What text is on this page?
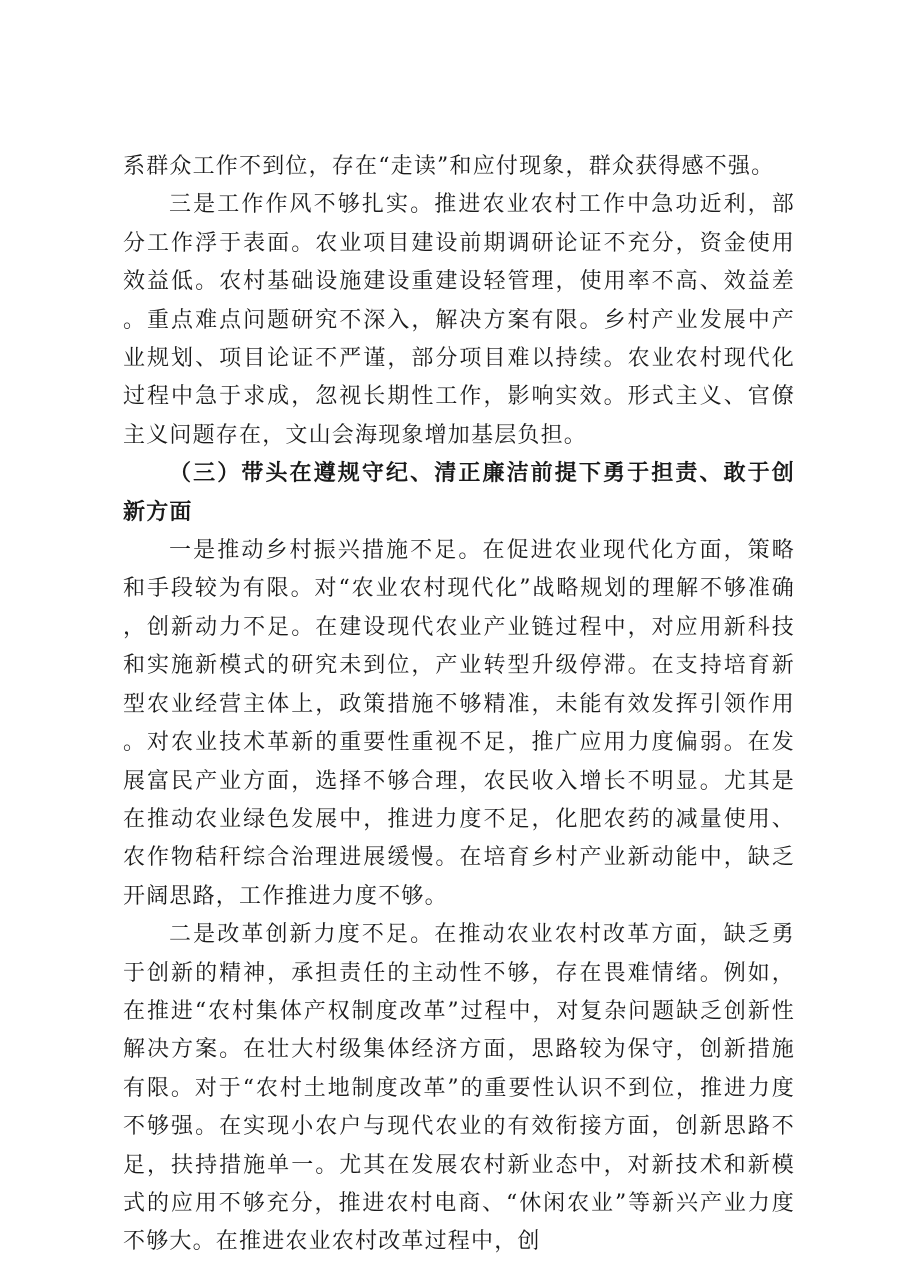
系群众工作不到位，存在“走读”和应付现象，群众获得感不强。

三是工作作风不够扎实。推进农业农村工作中急功近利，部分工作浮于表面。农业项目建设前期调研论证不充分，资金使用效益低。农村基础设施建设重建设轻管理，使用率不高、效益差。重点难点问题研究不深入，解决方案有限。乡村产业发展中产业规划、项目论证不严谨，部分项目难以持续。农业农村现代化过程中急于求成，忽视长期性工作，影响实效。形式主义、官僚主义问题存在，文山会海现象增加基层负担。

（三）带头在遵规守纪、清正廉洁前提下勇于担责、敢于创新方面

一是推动乡村振兴措施不足。在促进农业现代化方面，策略和手段较为有限。对“农业农村现代化”战略规划的理解不够准确，创新动力不足。在建设现代农业产业链过程中，对应用新科技和实施新模式的研究未到位，产业转型升级停滞。在支持培育新型农业经营主体上，政策措施不够精准，未能有效发挥引领作用。对农业技术革新的重要性重视不足，推广应用力度偏弱。在发展富民产业方面，选择不够合理，农民收入增长不明显。尤其是在推动农业绿色发展中，推进力度不足，化肥农药的减量使用、农作物秸秆综合治理进展缓慢。在培育乡村产业新动能中，缺乏开阔思路，工作推进力度不够。

二是改革创新力度不足。在推动农业农村改革方面，缺乏勇于创新的精神，承担责任的主动性不够，存在畏难情绪。例如，在推进“农村集体产权制度改革”过程中，对复杂问题缺乏创新性解决方案。在壮大村级集体经济方面，思路较为保守，创新措施有限。对于“农村土地制度改革”的重要性认识不到位，推进力度不够强。在实现小农户与现代农业的有效衔接方面，创新思路不足，扶持措施单一。尤其在发展农村新业态中，对新技术和新模式的应用不够充分，推进农村电商、“休闲农业”等新兴产业力度不够大。在推进农业农村改革过程中，创
